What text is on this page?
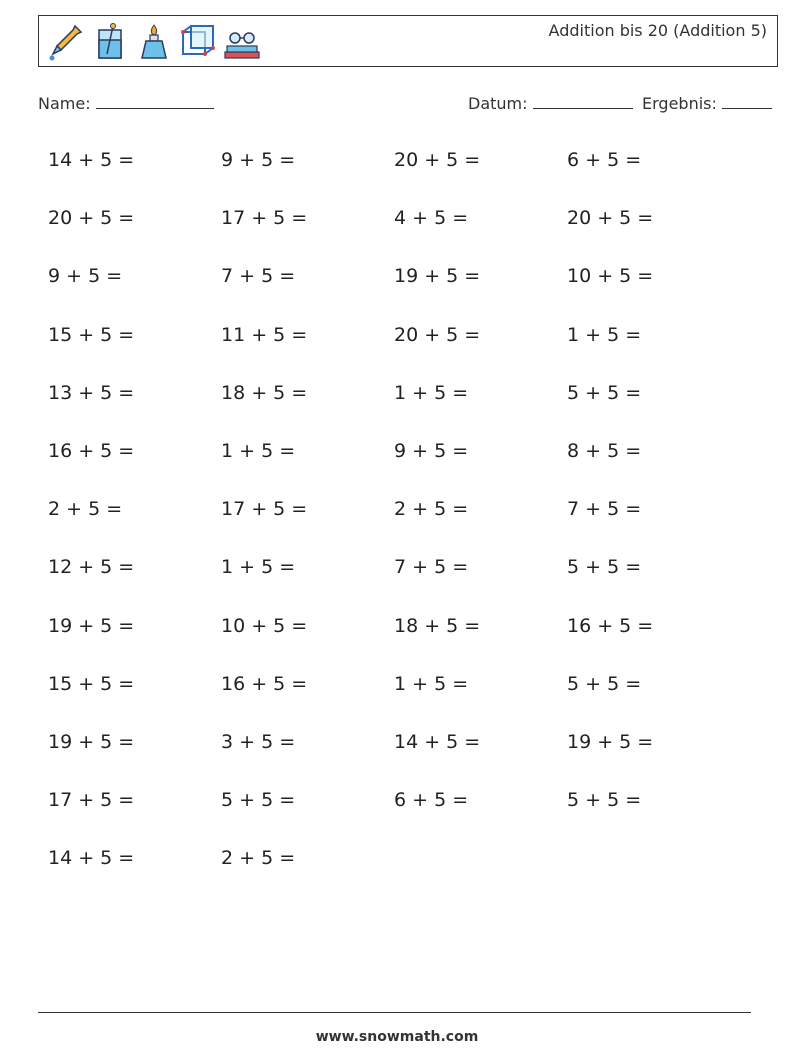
Addition bis 20 (Addition 5)
Name:	Datum:	Ergebnis:
14 + 5 =	9 + 5 =	20 + 5 =	6 + 5 =
20 + 5 =	17 + 5 =	4 + 5 =	20 + 5 =
9 + 5 =	7 + 5 =	19 + 5 =	10 + 5 =
15 + 5 =	11 + 5 =	20 + 5 =	1 + 5 =
13 + 5 =	18 + 5 =	1 + 5 =	5 + 5 =
16 + 5 =	1 + 5 =	9 + 5 =	8 + 5 =
2 + 5 =	17 + 5 =	2 + 5 =	7 + 5 =
12 + 5 =	1 + 5 =	7 + 5 =	5 + 5 =
19 + 5 =	10 + 5 =	18 + 5 =	16 + 5 =
15 + 5 =	16 + 5 =	1 + 5 =	5 + 5 =
19 + 5 =	3 + 5 =	14 + 5 =	19 + 5 =
17 + 5 =	5 + 5 =	6 + 5 =	5 + 5 =
14 + 5 =	2 + 5 =
www.snowmath.com
